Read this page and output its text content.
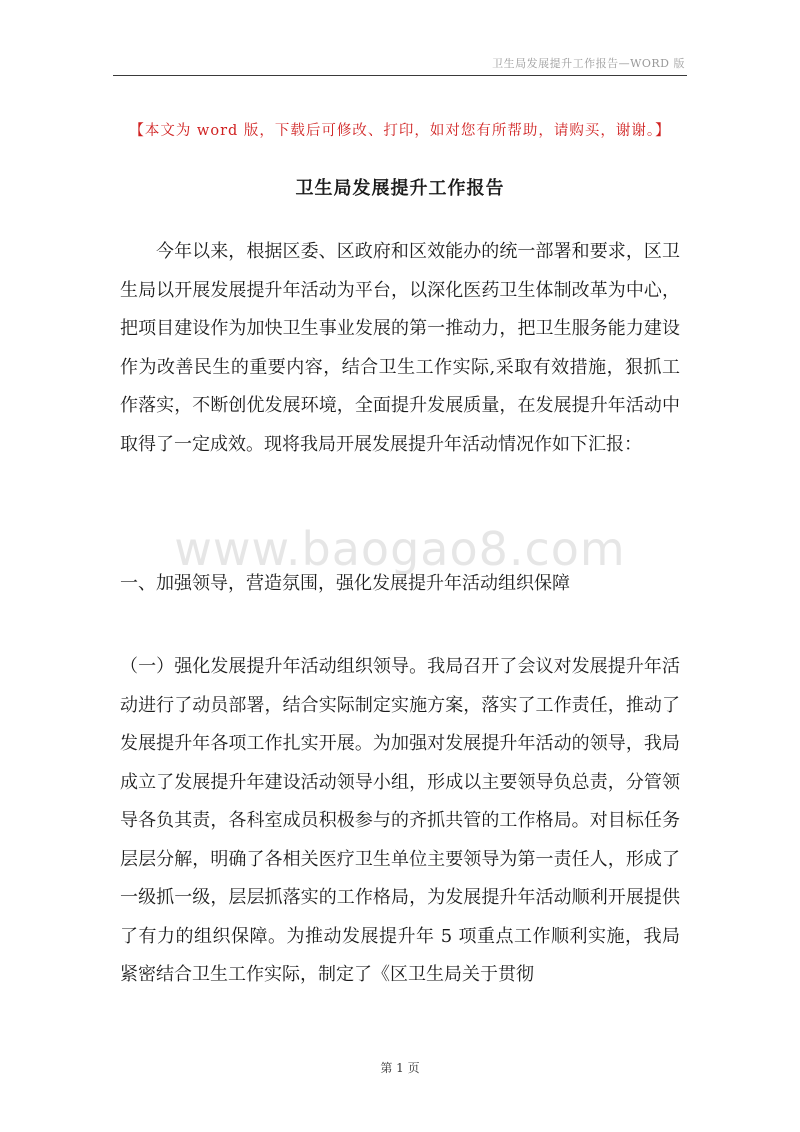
卫生局发展提升工作报告—WORD 版
【本文为 word 版，下载后可修改、打印，如对您有所帮助，请购买，谢谢。】
卫生局发展提升工作报告

今年以来，根据区委、区政府和区效能办的统一部署和要求，区卫生局以开展发展提升年活动为平台，以深化医药卫生体制改革为中心，把项目建设作为加快卫生事业发展的第一推动力，把卫生服务能力建设作为改善民生的重要内容，结合卫生工作实际,采取有效措施，狠抓工作落实，不断创优发展环境，全面提升发展质量，在发展提升年活动中取得了一定成效。现将我局开展发展提升年活动情况作如下汇报：

www.baogao8.com

一、加强领导，营造氛围，强化发展提升年活动组织保障

（一）强化发展提升年活动组织领导。我局召开了会议对发展提升年活动进行了动员部署，结合实际制定实施方案，落实了工作责任，推动了发展提升年各项工作扎实开展。为加强对发展提升年活动的领导，我局成立了发展提升年建设活动领导小组，形成以主要领导负总责，分管领导各负其责，各科室成员积极参与的齐抓共管的工作格局。对目标任务层层分解，明确了各相关医疗卫生单位主要领导为第一责任人，形成了一级抓一级，层层抓落实的工作格局，为发展提升年活动顺利开展提供了有力的组织保障。为推动发展提升年 5 项重点工作顺利实施，我局紧密结合卫生工作实际，制定了《区卫生局关于贯彻

第 1 页
